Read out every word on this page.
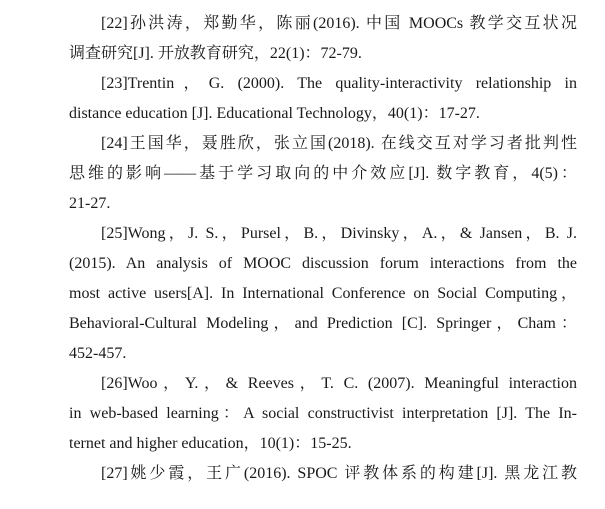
[22]孙洪涛，郑勤华，陈丽(2016). 中国 MOOCs 教学交互状况
调查研究[J]. 开放教育研究，22(1)：72-79.
[23]Trentin，G. (2000). The quality-interactivity relationship in
distance education [J]. Educational Technology，40(1)：17-27.
[24]王国华，聂胜欣，张立国(2018). 在线交互对学习者批判性
思维的影响——基于学习取向的中介效应[J]. 数字教育，4(5)：
21-27.
[25]Wong，J. S.，Pursel，B.，Divinsky，A.，& Jansen，B. J.
(2015). An analysis of MOOC discussion forum interactions from the
most active users[A]. In International Conference on Social Computing，
Behavioral-Cultural Modeling，and Prediction [C]. Springer，Cham：
452-457.
[26]Woo，Y.，& Reeves，T. C. (2007). Meaningful interaction
in web-based learning：A social constructivist interpretation [J]. The In-
ternet and higher education，10(1)：15-25.
[27]姚少霞，王广(2016). SPOC 评教体系的构建[J]. 黑龙江教
